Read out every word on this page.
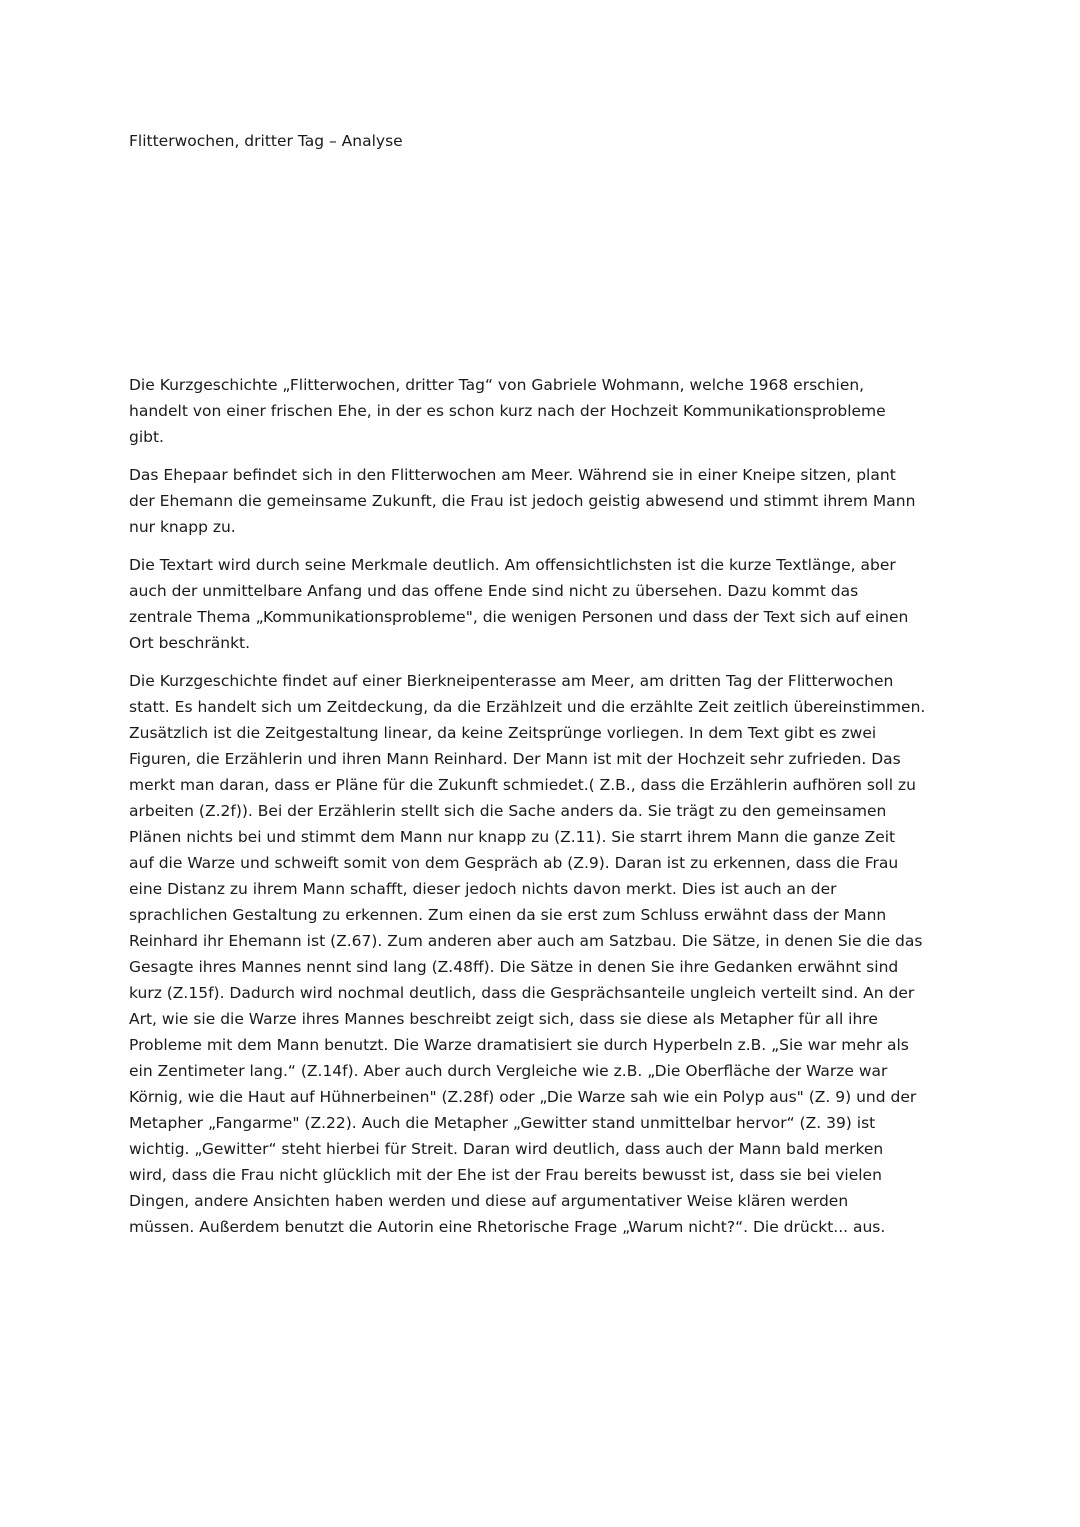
Flitterwochen, dritter Tag – Analyse

Die Kurzgeschichte „Flitterwochen, dritter Tag“ von Gabriele Wohmann, welche 1968 erschien,
handelt von einer frischen Ehe, in der es schon kurz nach der Hochzeit Kommunikationsprobleme
gibt.

Das Ehepaar befindet sich in den Flitterwochen am Meer. Während sie in einer Kneipe sitzen, plant
der Ehemann die gemeinsame Zukunft, die Frau ist jedoch geistig abwesend und stimmt ihrem Mann
nur knapp zu.

Die Textart wird durch seine Merkmale deutlich. Am offensichtlichsten ist die kurze Textlänge, aber
auch der unmittelbare Anfang und das offene Ende sind nicht zu übersehen. Dazu kommt das
zentrale Thema „Kommunikationsprobleme", die wenigen Personen und dass der Text sich auf einen
Ort beschränkt.

Die Kurzgeschichte findet auf einer Bierkneipenterasse am Meer, am dritten Tag der Flitterwochen
statt. Es handelt sich um Zeitdeckung, da die Erzählzeit und die erzählte Zeit zeitlich übereinstimmen.
Zusätzlich ist die Zeitgestaltung linear, da keine Zeitsprünge vorliegen. In dem Text gibt es zwei
Figuren, die Erzählerin und ihren Mann Reinhard. Der Mann ist mit der Hochzeit sehr zufrieden. Das
merkt man daran, dass er Pläne für die Zukunft schmiedet.( Z.B., dass die Erzählerin aufhören soll zu
arbeiten (Z.2f)). Bei der Erzählerin stellt sich die Sache anders da. Sie trägt zu den gemeinsamen
Plänen nichts bei und stimmt dem Mann nur knapp zu (Z.11). Sie starrt ihrem Mann die ganze Zeit
auf die Warze und schweift somit von dem Gespräch ab (Z.9). Daran ist zu erkennen, dass die Frau
eine Distanz zu ihrem Mann schafft, dieser jedoch nichts davon merkt. Dies ist auch an der
sprachlichen Gestaltung zu erkennen. Zum einen da sie erst zum Schluss erwähnt dass der Mann
Reinhard ihr Ehemann ist (Z.67). Zum anderen aber auch am Satzbau. Die Sätze, in denen Sie die das
Gesagte ihres Mannes nennt sind lang (Z.48ff). Die Sätze in denen Sie ihre Gedanken erwähnt sind
kurz (Z.15f). Dadurch wird nochmal deutlich, dass die Gesprächsanteile ungleich verteilt sind. An der
Art, wie sie die Warze ihres Mannes beschreibt zeigt sich, dass sie diese als Metapher für all ihre
Probleme mit dem Mann benutzt. Die Warze dramatisiert sie durch Hyperbeln z.B. „Sie war mehr als
ein Zentimeter lang.“ (Z.14f). Aber auch durch Vergleiche wie z.B. „Die Oberfläche der Warze war
Körnig, wie die Haut auf Hühnerbeinen" (Z.28f) oder „Die Warze sah wie ein Polyp aus" (Z. 9) und der
Metapher „Fangarme" (Z.22). Auch die Metapher „Gewitter stand unmittelbar hervor“ (Z. 39) ist
wichtig. „Gewitter“ steht hierbei für Streit. Daran wird deutlich, dass auch der Mann bald merken
wird, dass die Frau nicht glücklich mit der Ehe ist der Frau bereits bewusst ist, dass sie bei vielen
Dingen, andere Ansichten haben werden und diese auf argumentativer Weise klären werden
müssen. Außerdem benutzt die Autorin eine Rhetorische Frage „Warum nicht?“. Die drückt... aus.
